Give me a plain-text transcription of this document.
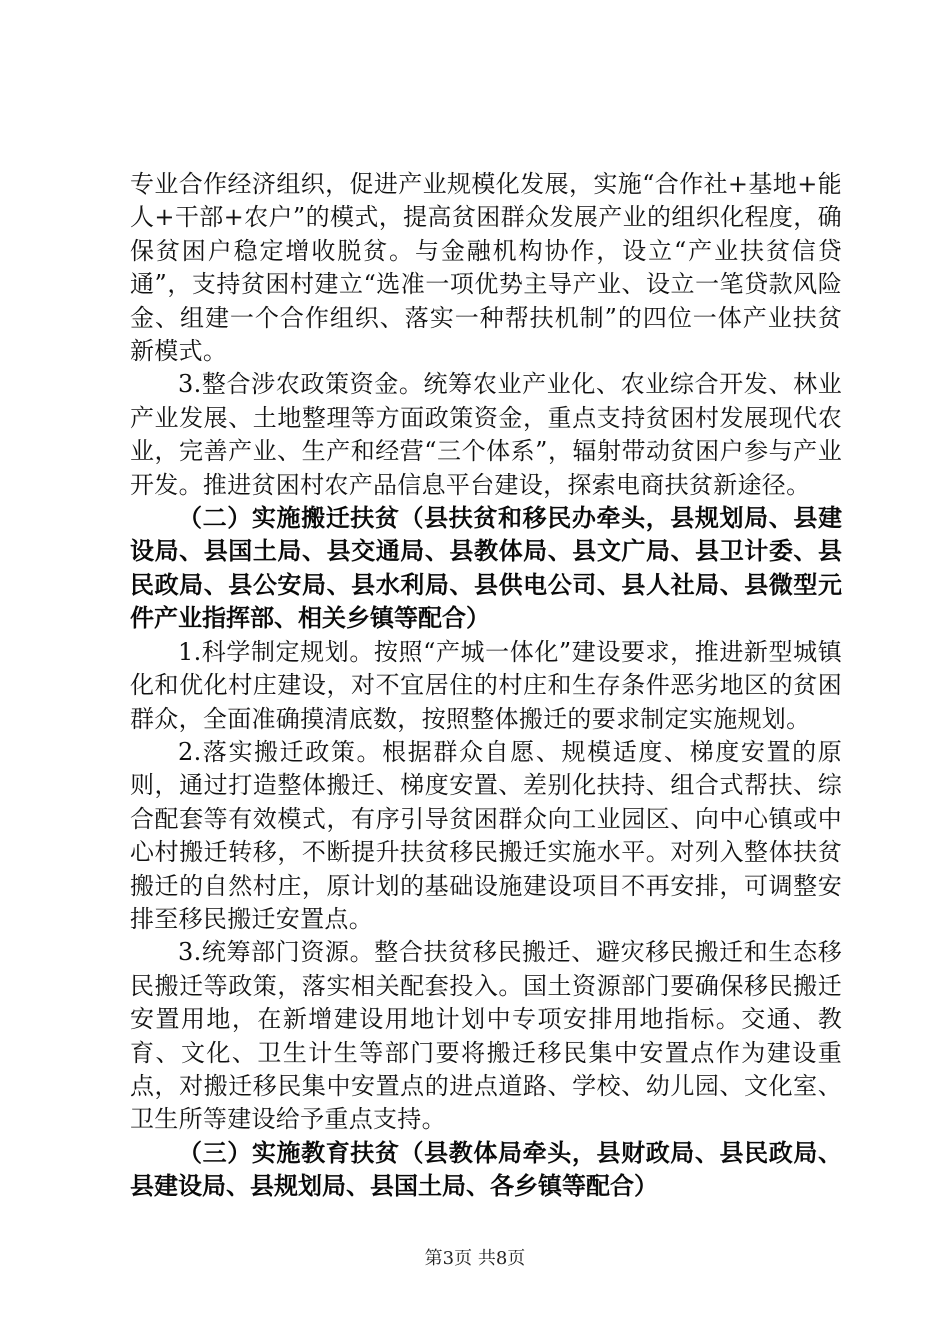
专业合作经济组织，促进产业规模化发展，实施“合作社+基地+能人+干部+农户”的模式，提高贫困群众发展产业的组织化程度，确保贫困户稳定增收脱贫。与金融机构协作，设立“产业扶贫信贷通”，支持贫困村建立“选准一项优势主导产业、设立一笔贷款风险金、组建一个合作组织、落实一种帮扶机制”的四位一体产业扶贫新模式。

3.整合涉农政策资金。统筹农业产业化、农业综合开发、林业产业发展、土地整理等方面政策资金，重点支持贫困村发展现代农业，完善产业、生产和经营“三个体系”，辐射带动贫困户参与产业开发。推进贫困村农产品信息平台建设，探索电商扶贫新途径。

（二）实施搬迁扶贫（县扶贫和移民办牵头，县规划局、县建设局、县国土局、县交通局、县教体局、县文广局、县卫计委、县民政局、县公安局、县水利局、县供电公司、县人社局、县微型元件产业指挥部、相关乡镇等配合）

1.科学制定规划。按照“产城一体化”建设要求，推进新型城镇化和优化村庄建设，对不宜居住的村庄和生存条件恶劣地区的贫困群众，全面准确摸清底数，按照整体搬迁的要求制定实施规划。

2.落实搬迁政策。根据群众自愿、规模适度、梯度安置的原则，通过打造整体搬迁、梯度安置、差别化扶持、组合式帮扶、综合配套等有效模式，有序引导贫困群众向工业园区、向中心镇或中心村搬迁转移，不断提升扶贫移民搬迁实施水平。对列入整体扶贫搬迁的自然村庄，原计划的基础设施建设项目不再安排，可调整安排至移民搬迁安置点。

3.统筹部门资源。整合扶贫移民搬迁、避灾移民搬迁和生态移民搬迁等政策，落实相关配套投入。国土资源部门要确保移民搬迁安置用地，在新增建设用地计划中专项安排用地指标。交通、教育、文化、卫生计生等部门要将搬迁移民集中安置点作为建设重点，对搬迁移民集中安置点的进点道路、学校、幼儿园、文化室、卫生所等建设给予重点支持。

（三）实施教育扶贫（县教体局牵头，县财政局、县民政局、县建设局、县规划局、县国土局、各乡镇等配合）

第3页 共8页
